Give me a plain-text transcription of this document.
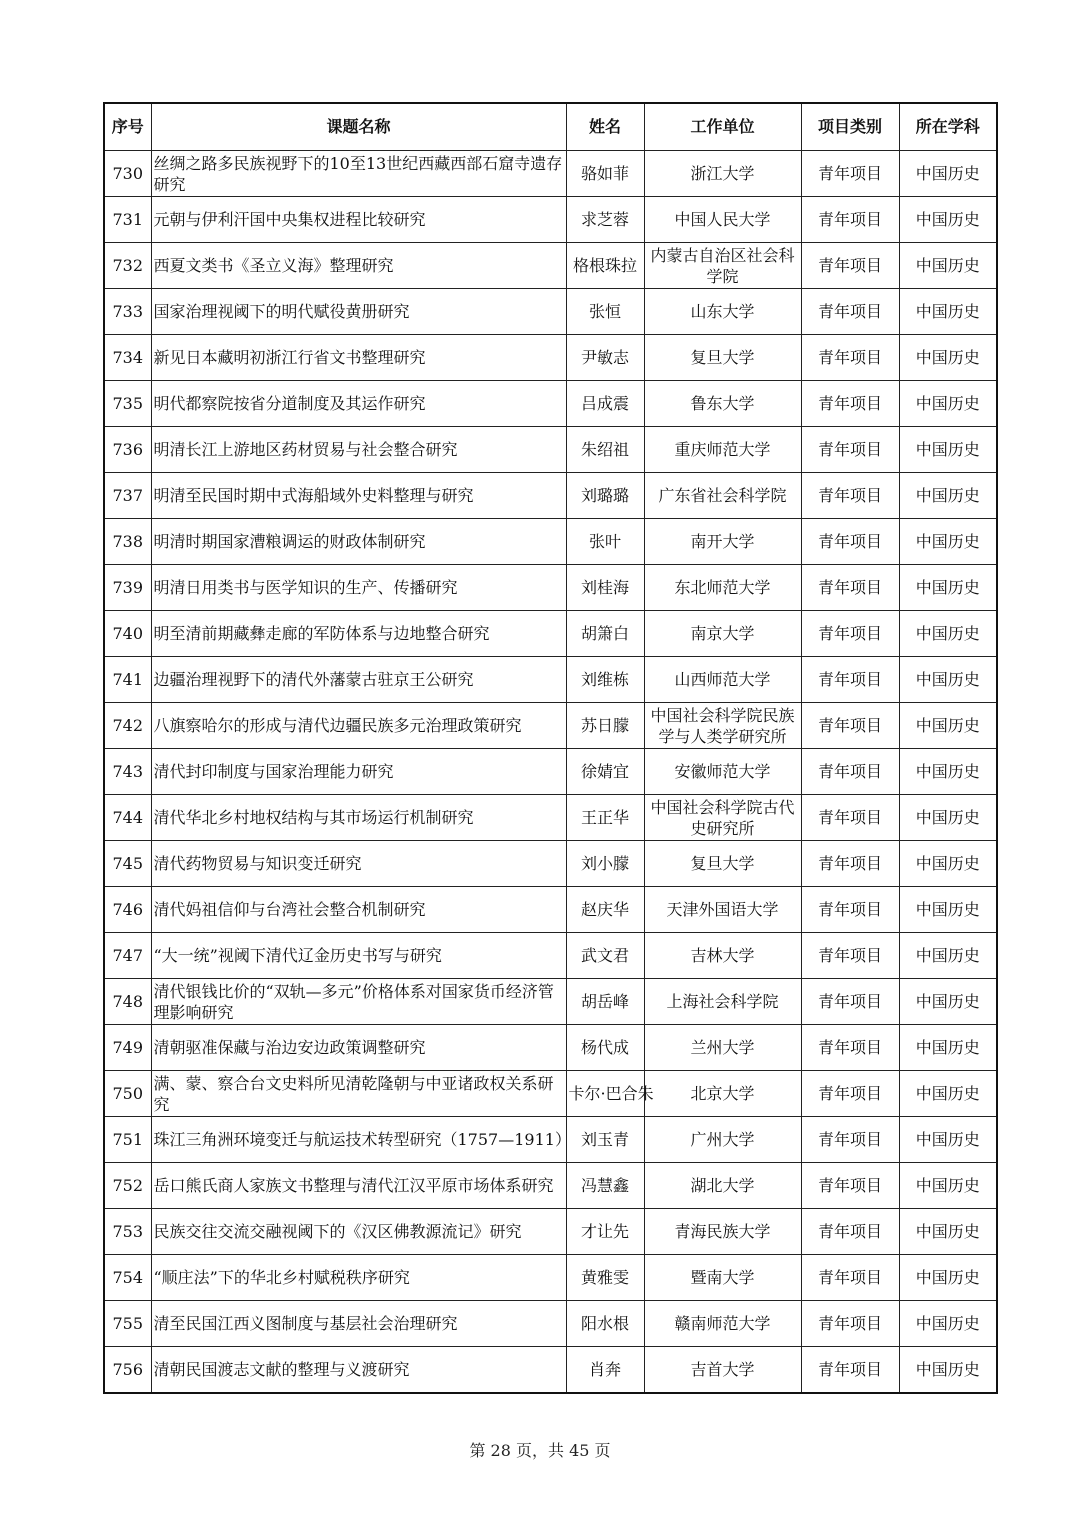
序号	课题名称	姓名	工作单位	项目类别	所在学科
730	丝绸之路多民族视野下的10至13世纪西藏西部石窟寺遗存研究	骆如菲	浙江大学	青年项目	中国历史
731	元朝与伊利汗国中央集权进程比较研究	求芝蓉	中国人民大学	青年项目	中国历史
732	西夏文类书《圣立义海》整理研究	格根珠拉	内蒙古自治区社会科学院	青年项目	中国历史
733	国家治理视阈下的明代赋役黄册研究	张恒	山东大学	青年项目	中国历史
734	新见日本藏明初浙江行省文书整理研究	尹敏志	复旦大学	青年项目	中国历史
735	明代都察院按省分道制度及其运作研究	吕成震	鲁东大学	青年项目	中国历史
736	明清长江上游地区药材贸易与社会整合研究	朱绍祖	重庆师范大学	青年项目	中国历史
737	明清至民国时期中式海船域外史料整理与研究	刘璐璐	广东省社会科学院	青年项目	中国历史
738	明清时期国家漕粮调运的财政体制研究	张叶	南开大学	青年项目	中国历史
739	明清日用类书与医学知识的生产、传播研究	刘桂海	东北师范大学	青年项目	中国历史
740	明至清前期藏彝走廊的军防体系与边地整合研究	胡箫白	南京大学	青年项目	中国历史
741	边疆治理视野下的清代外藩蒙古驻京王公研究	刘维栋	山西师范大学	青年项目	中国历史
742	八旗察哈尔的形成与清代边疆民族多元治理政策研究	苏日朦	中国社会科学院民族学与人类学研究所	青年项目	中国历史
743	清代封印制度与国家治理能力研究	徐婧宜	安徽师范大学	青年项目	中国历史
744	清代华北乡村地权结构与其市场运行机制研究	王正华	中国社会科学院古代史研究所	青年项目	中国历史
745	清代药物贸易与知识变迁研究	刘小朦	复旦大学	青年项目	中国历史
746	清代妈祖信仰与台湾社会整合机制研究	赵庆华	天津外国语大学	青年项目	中国历史
747	“大一统”视阈下清代辽金历史书写与研究	武文君	吉林大学	青年项目	中国历史
748	清代银钱比价的“双轨—多元”价格体系对国家货币经济管理影响研究	胡岳峰	上海社会科学院	青年项目	中国历史
749	清朝驱准保藏与治边安边政策调整研究	杨代成	兰州大学	青年项目	中国历史
750	满、蒙、察合台文史料所见清乾隆朝与中亚诸政权关系研究	卡尔·巴合朱	北京大学	青年项目	中国历史
751	珠江三角洲环境变迁与航运技术转型研究（1757—1911）	刘玉青	广州大学	青年项目	中国历史
752	岳口熊氏商人家族文书整理与清代江汉平原市场体系研究	冯慧鑫	湖北大学	青年项目	中国历史
753	民族交往交流交融视阈下的《汉区佛教源流记》研究	才让先	青海民族大学	青年项目	中国历史
754	“顺庄法”下的华北乡村赋税秩序研究	黄雅雯	暨南大学	青年项目	中国历史
755	清至民国江西义图制度与基层社会治理研究	阳水根	赣南师范大学	青年项目	中国历史
756	清朝民国渡志文献的整理与义渡研究	肖奔	吉首大学	青年项目	中国历史
第 28 页，共 45 页
